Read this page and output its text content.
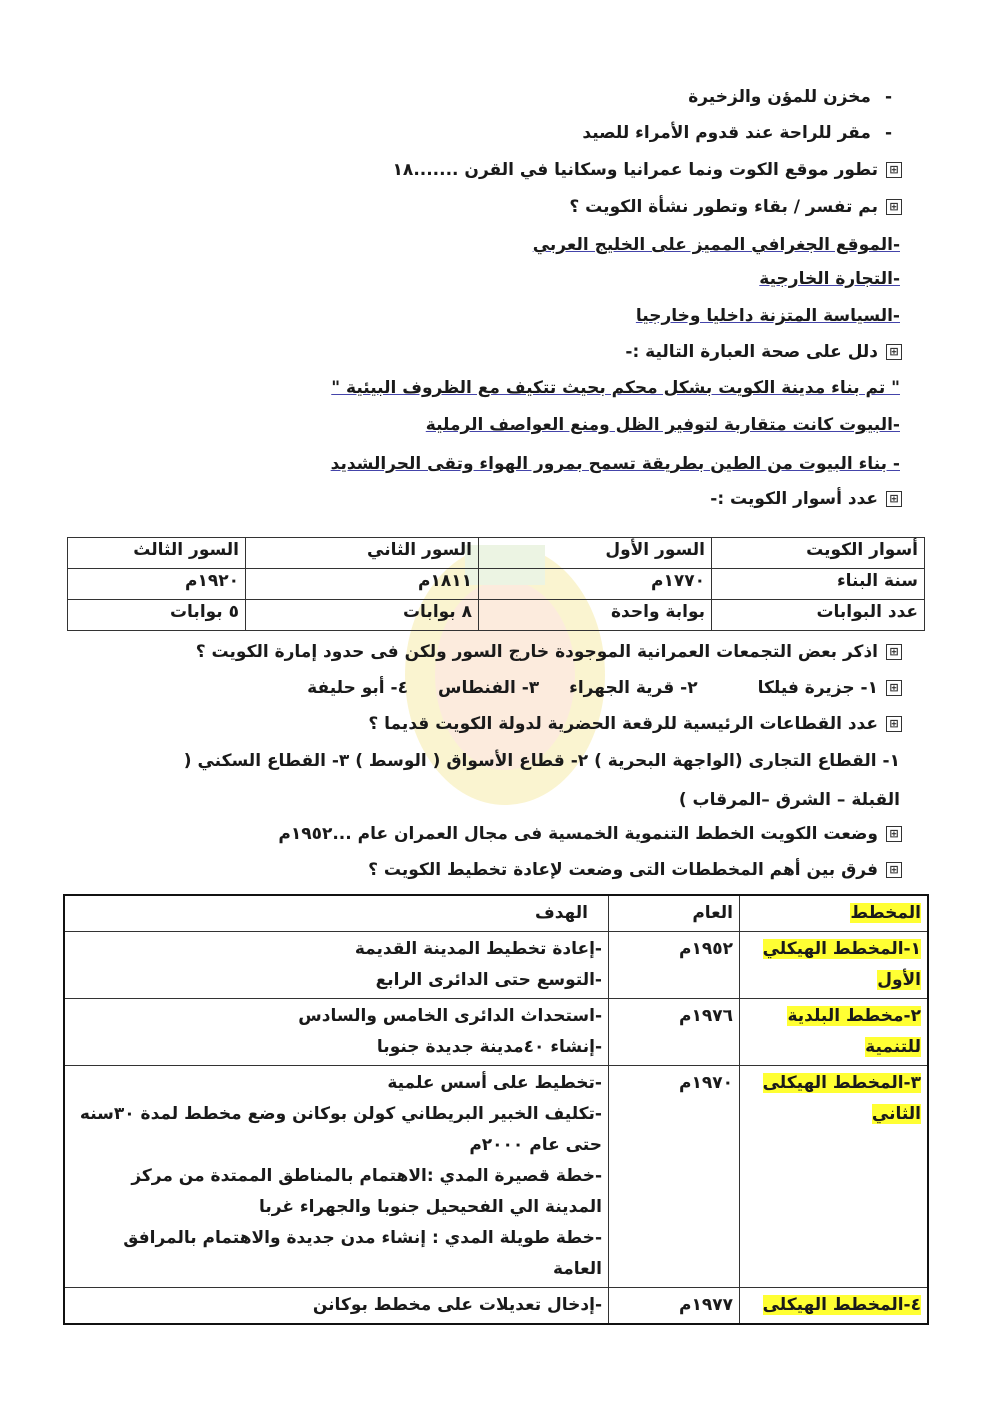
-مخزن للمؤن والزخيرة
-مقر للراحة عند قدوم الأمراء للصيد
⊞تطور موقع الكوت ونما عمرانيا وسكانيا في القرن .......١٨
⊞بم تفسر / بقاء وتطور نشأة الكويت ؟
-الموقع الجغرافي المميز على الخليج العربي
-التجارة الخارجية
-السياسة المتزنة داخليا وخارجيا
⊞دلل على صحة العبارة التالية :-
" تم بناء مدينة الكويت بشكل محكم بحيث تتكيف مع الظروف البيئية "
-البيوت كانت متقاربة لتوفير الظل ومنع العواصف الرملية
- بناء البيوت من الطين بطريقة تسمح بمرور الهواء وتقى الحرالشديد
⊞عدد أسوار الكويت :-
أسوار الكويت	السور الأول	السور الثاني	السور الثالث
سنة البناء	١٧٧٠م	١٨١١م	١٩٢٠م
عدد البوابات	بوابة واحدة	٨ بوابات	٥ بوابات
⊞اذكر بعض التجمعات العمرانية الموجودة خارج السور ولكن فى حدود إمارة الكويت ؟
⊞١- جزيرة فيلكا٢- قرية الجهراء٣- الفنطاس٤- أبو حليفة
⊞عدد القطاعات الرئيسية للرقعة الحضرية لدولة الكويت قديما ؟
١- القطاع التجارى (الواجهة البحرية ) ٢- قطاع الأسواق ( الوسط ) ٣- القطاع السكني (
القبلة – الشرق –المرقاب )
⊞وضعت الكويت الخطط التنموية الخمسية فى مجال العمران عام ...١٩٥٢م
⊞فرق بين أهم المخططات التى وضعت لإعادة تخطيط الكويت ؟
المخطط	العام	الهدف
١-المخطط الهيكلي الأول	١٩٥٢م	-إعادة تخطيط المدينة القديمة
-التوسع حتى الدائرى الرابع

٢-مخطط البلدية للتنمية	١٩٧٦م	-استحداث الدائرى الخامس والسادس
-إنشاء ٤٠مدينة جديدة جنوبا

٣-المخطط الهيكلى الثاني	١٩٧٠م	-تخطيط على أسس علمية
-تكليف الخبير البريطاني كولن بوكانن وضع مخطط لمدة ٣٠سنه حتى عام ٢٠٠٠م
-خطة قصيرة المدي :الاهتمام بالمناطق الممتدة من مركز المدينة الي الفحيحيل جنوبا والجهراء غربا
-خطة طويلة المدي : إنشاء مدن جديدة والاهتمام بالمرافق العامة

٤-المخطط الهيكلى	١٩٧٧م	-إدخال تعديلات على مخطط بوكانن
